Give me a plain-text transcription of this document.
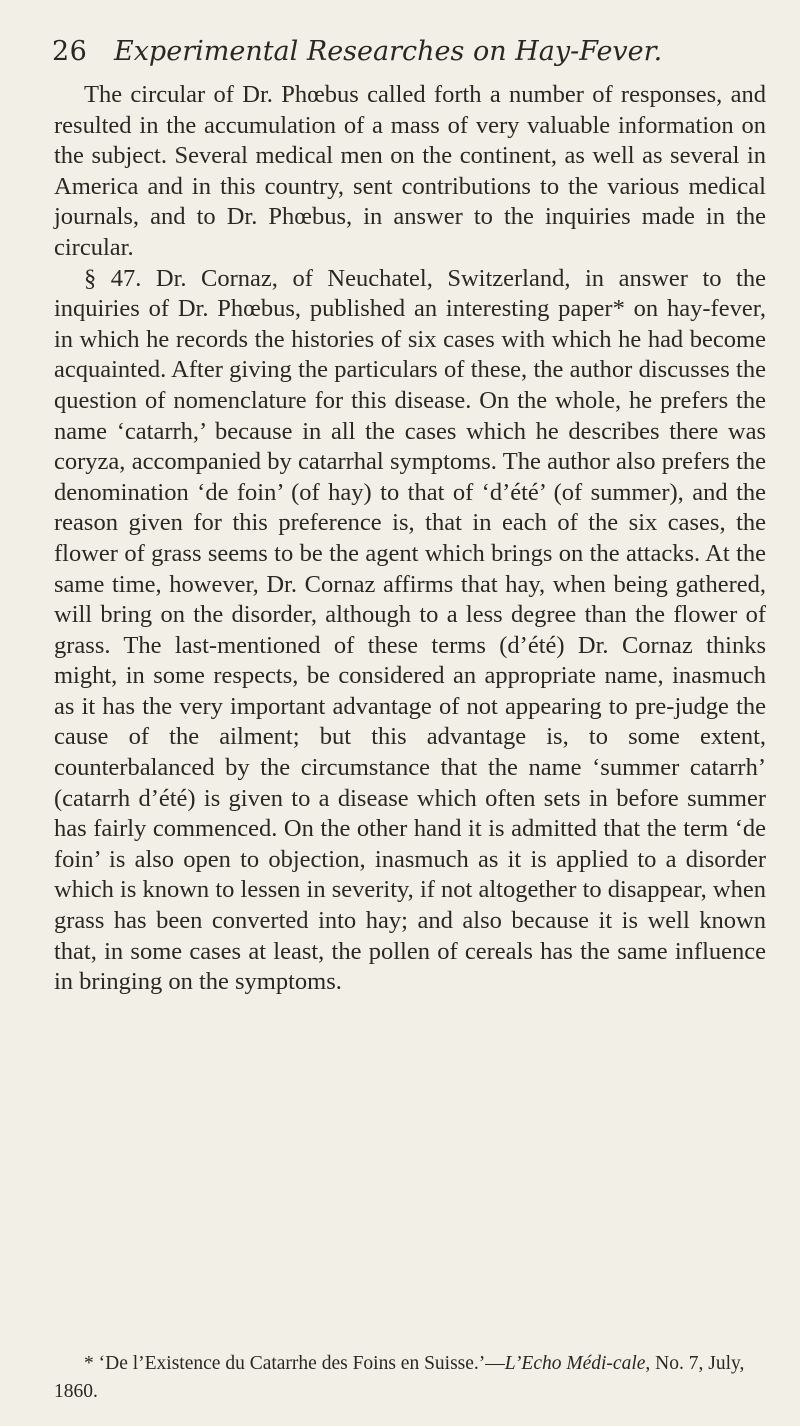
26 Experimental Researches on Hay-Fever.

The circular of Dr. Phœbus called forth a number of responses, and resulted in the accumulation of a mass of very valuable information on the subject. Several medical men on the continent, as well as several in America and in this country, sent contributions to the various medical journals, and to Dr. Phœbus, in answer to the inquiries made in the circular.

§ 47. Dr. Cornaz, of Neuchatel, Switzerland, in answer to the inquiries of Dr. Phœbus, published an interesting paper* on hay-fever, in which he records the histories of six cases with which he had become acquainted. After giving the particulars of these, the author discusses the question of nomenclature for this disease. On the whole, he prefers the name ‘catarrh,’ because in all the cases which he describes there was coryza, accompanied by catarrhal symptoms. The author also prefers the denomination ‘de foin’ (of hay) to that of ‘d’été’ (of summer), and the reason given for this preference is, that in each of the six cases, the flower of grass seems to be the agent which brings on the attacks. At the same time, however, Dr. Cornaz affirms that hay, when being gathered, will bring on the disorder, although to a less degree than the flower of grass. The last-mentioned of these terms (d’été) Dr. Cornaz thinks might, in some respects, be considered an appropriate name, inasmuch as it has the very important advantage of not appearing to pre-judge the cause of the ailment; but this advantage is, to some extent, counterbalanced by the circumstance that the name ‘summer catarrh’ (catarrh d’été) is given to a disease which often sets in before summer has fairly commenced. On the other hand it is admitted that the term ‘de foin’ is also open to objection, inasmuch as it is applied to a disorder which is known to lessen in severity, if not altogether to disappear, when grass has been converted into hay; and also because it is well known that, in some cases at least, the pollen of cereals has the same influence in bringing on the symptoms.

* ‘De l’Existence du Catarrhe des Foins en Suisse.’—L’Echo Médi-cale, No. 7, July, 1860.
